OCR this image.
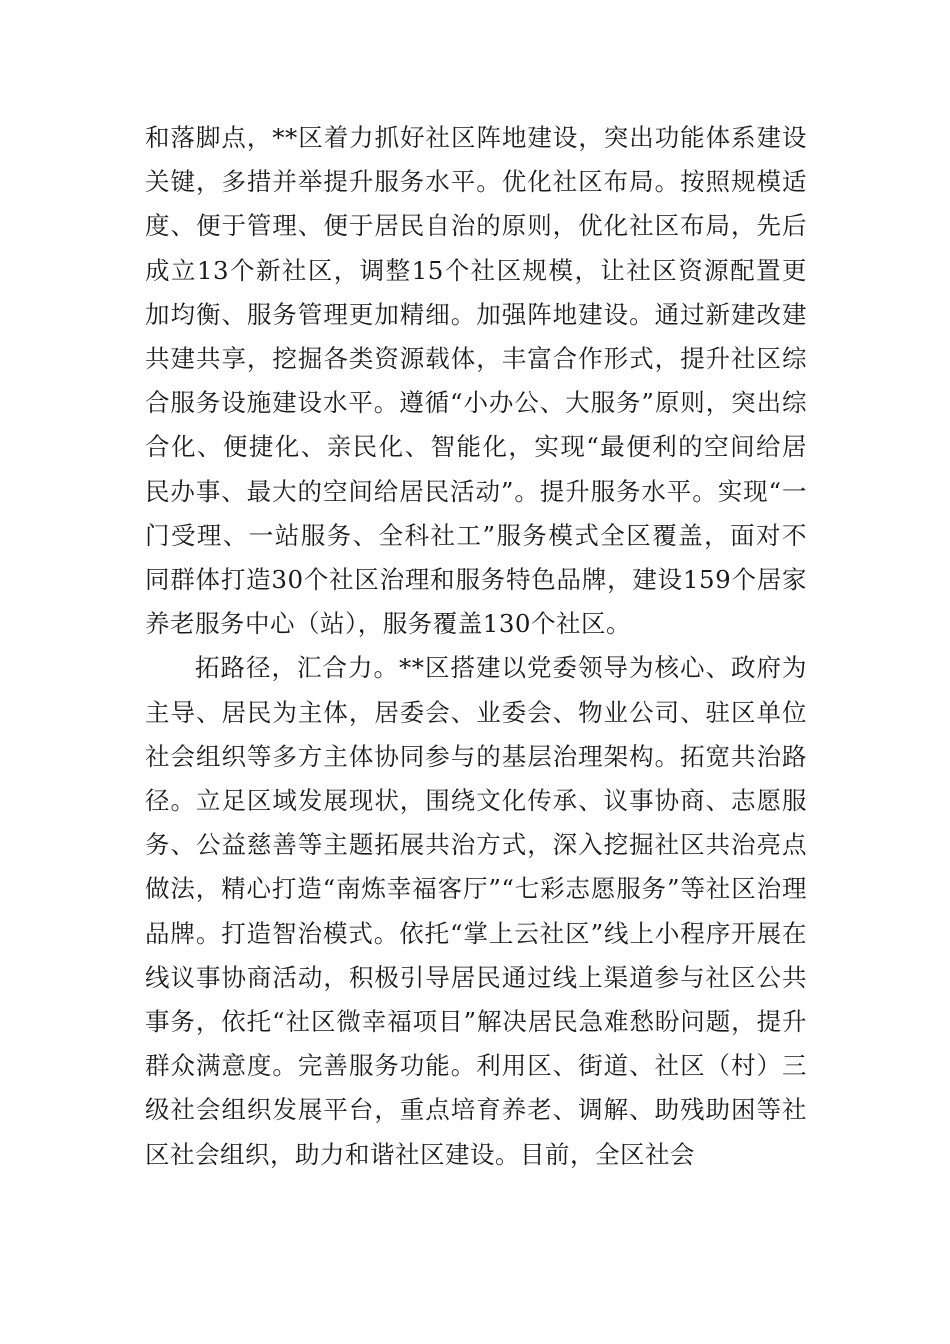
和落脚点，**区着力抓好社区阵地建设，突出功能体系建设关键，多措并举提升服务水平。优化社区布局。按照规模适度、便于管理、便于居民自治的原则，优化社区布局，先后成立13个新社区，调整15个社区规模，让社区资源配置更加均衡、服务管理更加精细。加强阵地建设。通过新建改建共建共享，挖掘各类资源载体，丰富合作形式，提升社区综合服务设施建设水平。遵循“小办公、大服务”原则，突出综合化、便捷化、亲民化、智能化，实现“最便利的空间给居民办事、最大的空间给居民活动”。提升服务水平。实现“一门受理、一站服务、全科社工”服务模式全区覆盖，面对不同群体打造30个社区治理和服务特色品牌，建设159个居家养老服务中心（站），服务覆盖130个社区。

拓路径，汇合力。**区搭建以党委领导为核心、政府为主导、居民为主体，居委会、业委会、物业公司、驻区单位社会组织等多方主体协同参与的基层治理架构。拓宽共治路径。立足区域发展现状，围绕文化传承、议事协商、志愿服务、公益慈善等主题拓展共治方式，深入挖掘社区共治亮点做法，精心打造“南炼幸福客厅”“七彩志愿服务”等社区治理品牌。打造智治模式。依托“掌上云社区”线上小程序开展在线议事协商活动，积极引导居民通过线上渠道参与社区公共事务，依托“社区微幸福项目”解决居民急难愁盼问题，提升群众满意度。完善服务功能。利用区、街道、社区（村）三级社会组织发展平台，重点培育养老、调解、助残助困等社区社会组织，助力和谐社区建设。目前，全区社会
